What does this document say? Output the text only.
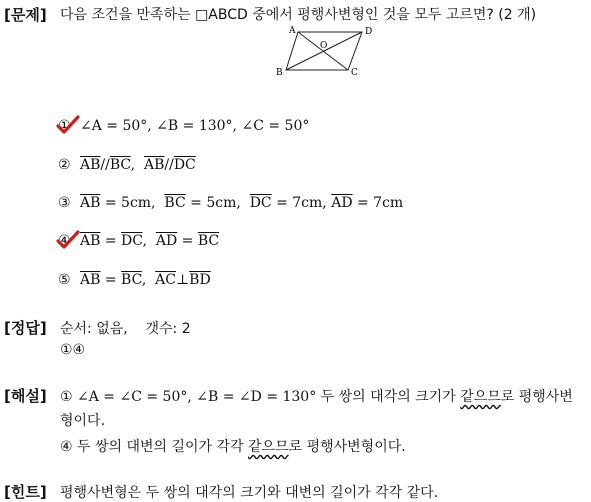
[문제] 다음 조건을 만족하는 □ABCD 중에서 평행사변형인 것을 모두 고르면? (2 개)
A	D
B	C
O
① ∠A = 50°, ∠B = 130°, ∠C = 50°
② $\overline{AB}//\overline{BC}$,  $\overline{AB}//\overline{DC}$
③ $\overline{AB} = 5cm$,  $\overline{BC} = 5cm$,  $\overline{DC} = 7cm$, $\overline{AD} = 7cm$
④ $\overline{AB} = \overline{DC}$,  $\overline{AD} = \overline{BC}$
⑤ $\overline{AB} = \overline{BC}$,  $\overline{AC}\perp\overline{BD}$
[정답] 순서: 없음,    갯수: 2
①④
[해설] ① ∠A = ∠C = 50°, ∠B = ∠D = 130° 두 쌍의 대각의 크기가 같으므로 평행사변
형이다.
④ 두 쌍의 대변의 길이가 각각 같으므로 평행사변형이다.
[힌트] 평행사변형은 두 쌍의 대각의 크기와 대변의 길이가 각각 같다.
